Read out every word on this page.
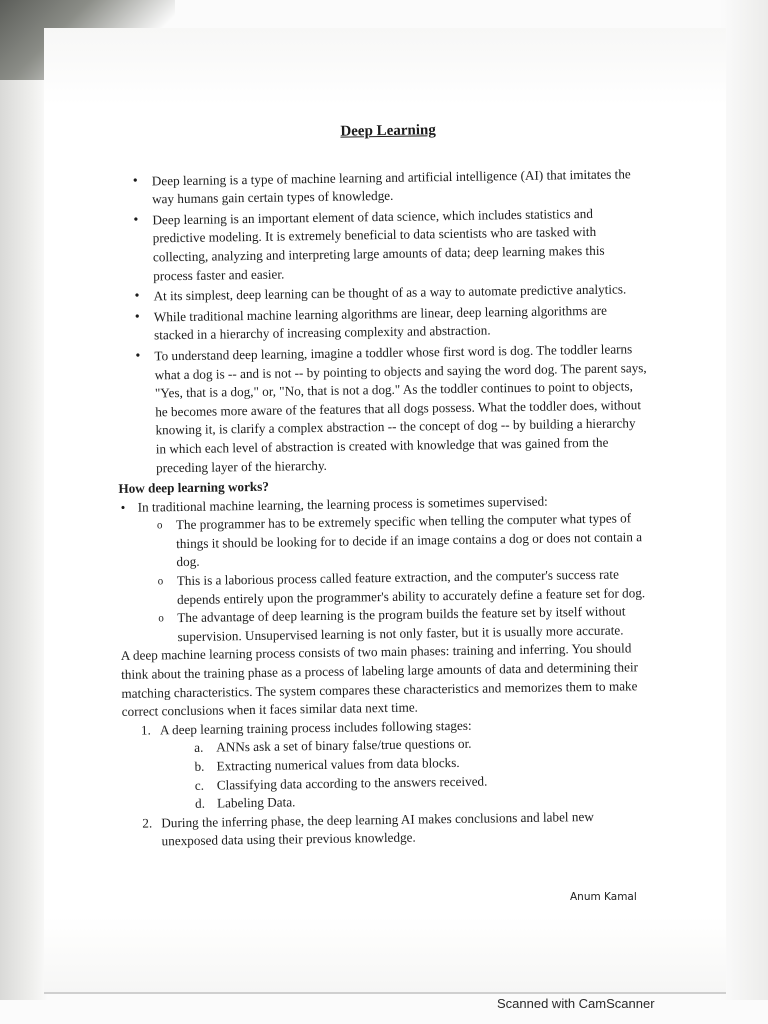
Deep Learning
• Deep learning is a type of machine learning and artificial intelligence (AI) that imitates the way humans gain certain types of knowledge.
• Deep learning is an important element of data science, which includes statistics and predictive modeling. It is extremely beneficial to data scientists who are tasked with collecting, analyzing and interpreting large amounts of data; deep learning makes this process faster and easier.
• At its simplest, deep learning can be thought of as a way to automate predictive analytics.
• While traditional machine learning algorithms are linear, deep learning algorithms are stacked in a hierarchy of increasing complexity and abstraction.
• To understand deep learning, imagine a toddler whose first word is dog. The toddler learns what a dog is -- and is not -- by pointing to objects and saying the word dog. The parent says, "Yes, that is a dog," or, "No, that is not a dog." As the toddler continues to point to objects, he becomes more aware of the features that all dogs possess. What the toddler does, without knowing it, is clarify a complex abstraction -- the concept of dog -- by building a hierarchy in which each level of abstraction is created with knowledge that was gained from the preceding layer of the hierarchy.
How deep learning works?
• In traditional machine learning, the learning process is sometimes supervised:
o The programmer has to be extremely specific when telling the computer what types of things it should be looking for to decide if an image contains a dog or does not contain a dog.
o This is a laborious process called feature extraction, and the computer's success rate depends entirely upon the programmer's ability to accurately define a feature set for dog.
o The advantage of deep learning is the program builds the feature set by itself without supervision. Unsupervised learning is not only faster, but it is usually more accurate.

A deep machine learning process consists of two main phases: training and inferring. You should think about the training phase as a process of labeling large amounts of data and determining their matching characteristics. The system compares these characteristics and memorizes them to make correct conclusions when it faces similar data next time.

1. A deep learning training process includes following stages:
a. ANNs ask a set of binary false/true questions or.
b. Extracting numerical values from data blocks.
c. Classifying data according to the answers received.
d. Labeling Data.
2. During the inferring phase, the deep learning AI makes conclusions and label new unexposed data using their previous knowledge.
Anum Kamal
Scanned with CamScanner
